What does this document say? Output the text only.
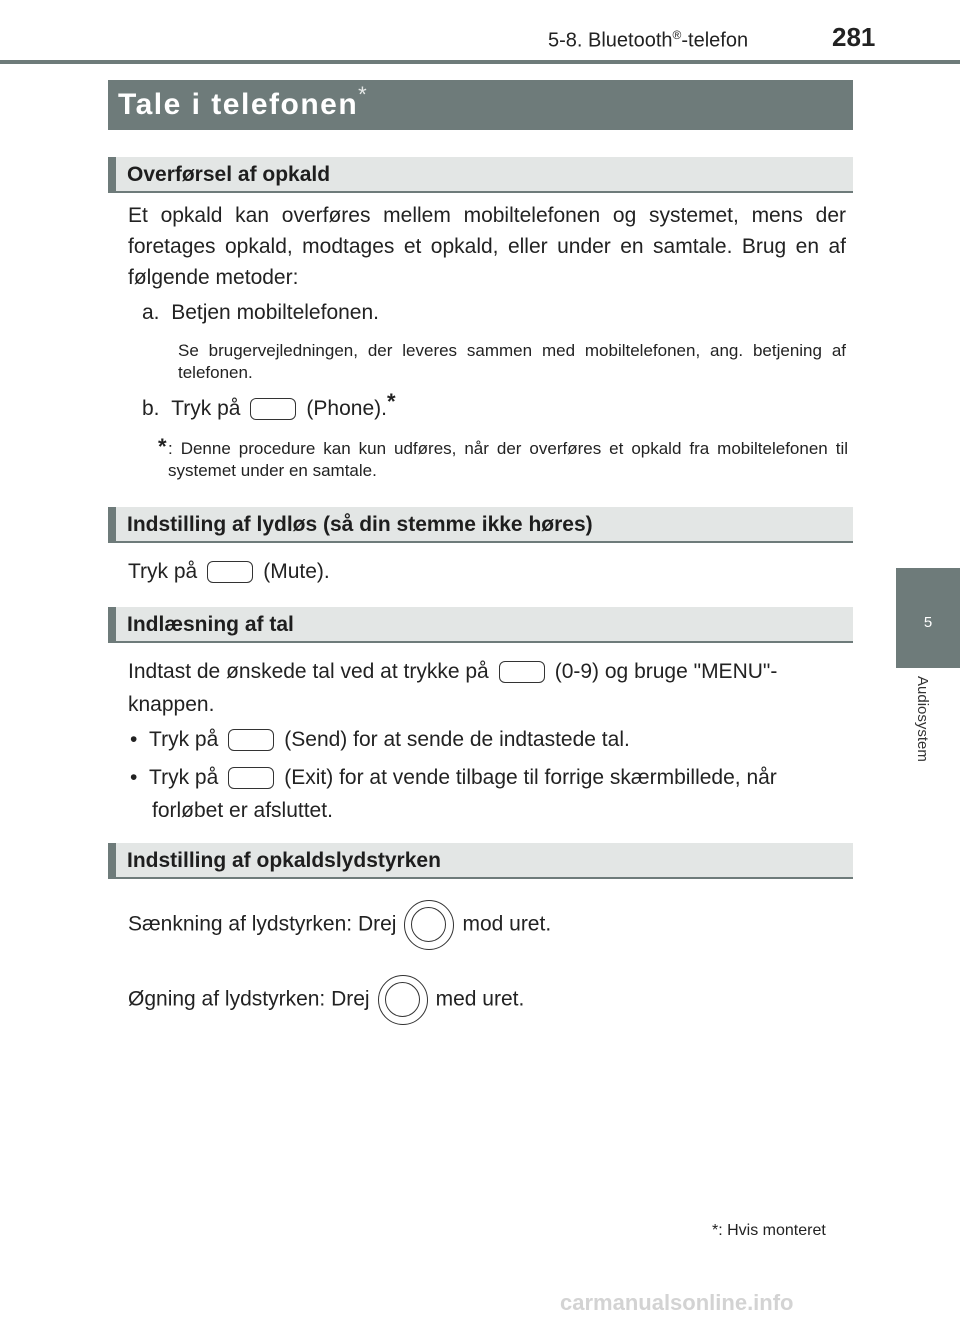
5-8. Bluetooth®-telefon	281
5
Audiosystem
Tale i telefonen*
Overførsel af opkald
Et opkald kan overføres mellem mobiltelefonen og systemet, mens der foretages opkald, modtages et opkald, eller under en samtale. Brug en af følgende metoder:
a. Betjen mobiltelefonen.
Se brugervejledningen, der leveres sammen med mobiltelefonen, ang. betjening af telefonen.
b. Tryk på	(Phone).*
* : Denne procedure kan kun udføres, når der overføres et opkald fra mobiltelefonen til systemet under en samtale.
Indstilling af lydløs (så din stemme ikke høres)
Tryk på	(Mute).
Indlæsning af tal
Indtast de ønskede tal ved at trykke på	(0-9) og bruge "MENU"-
knappen.
• Tryk på	(Send) for at sende de indtastede tal.
• Tryk på	(Exit) for at vende tilbage til forrige skærmbillede, når
forløbet er afsluttet.
Indstilling af opkaldslydstyrken
Sænkning af lydstyrken: Drej	mod uret.
Øgning af lydstyrken: Drej	med uret.
*: Hvis monteret
carmanualsonline.info
